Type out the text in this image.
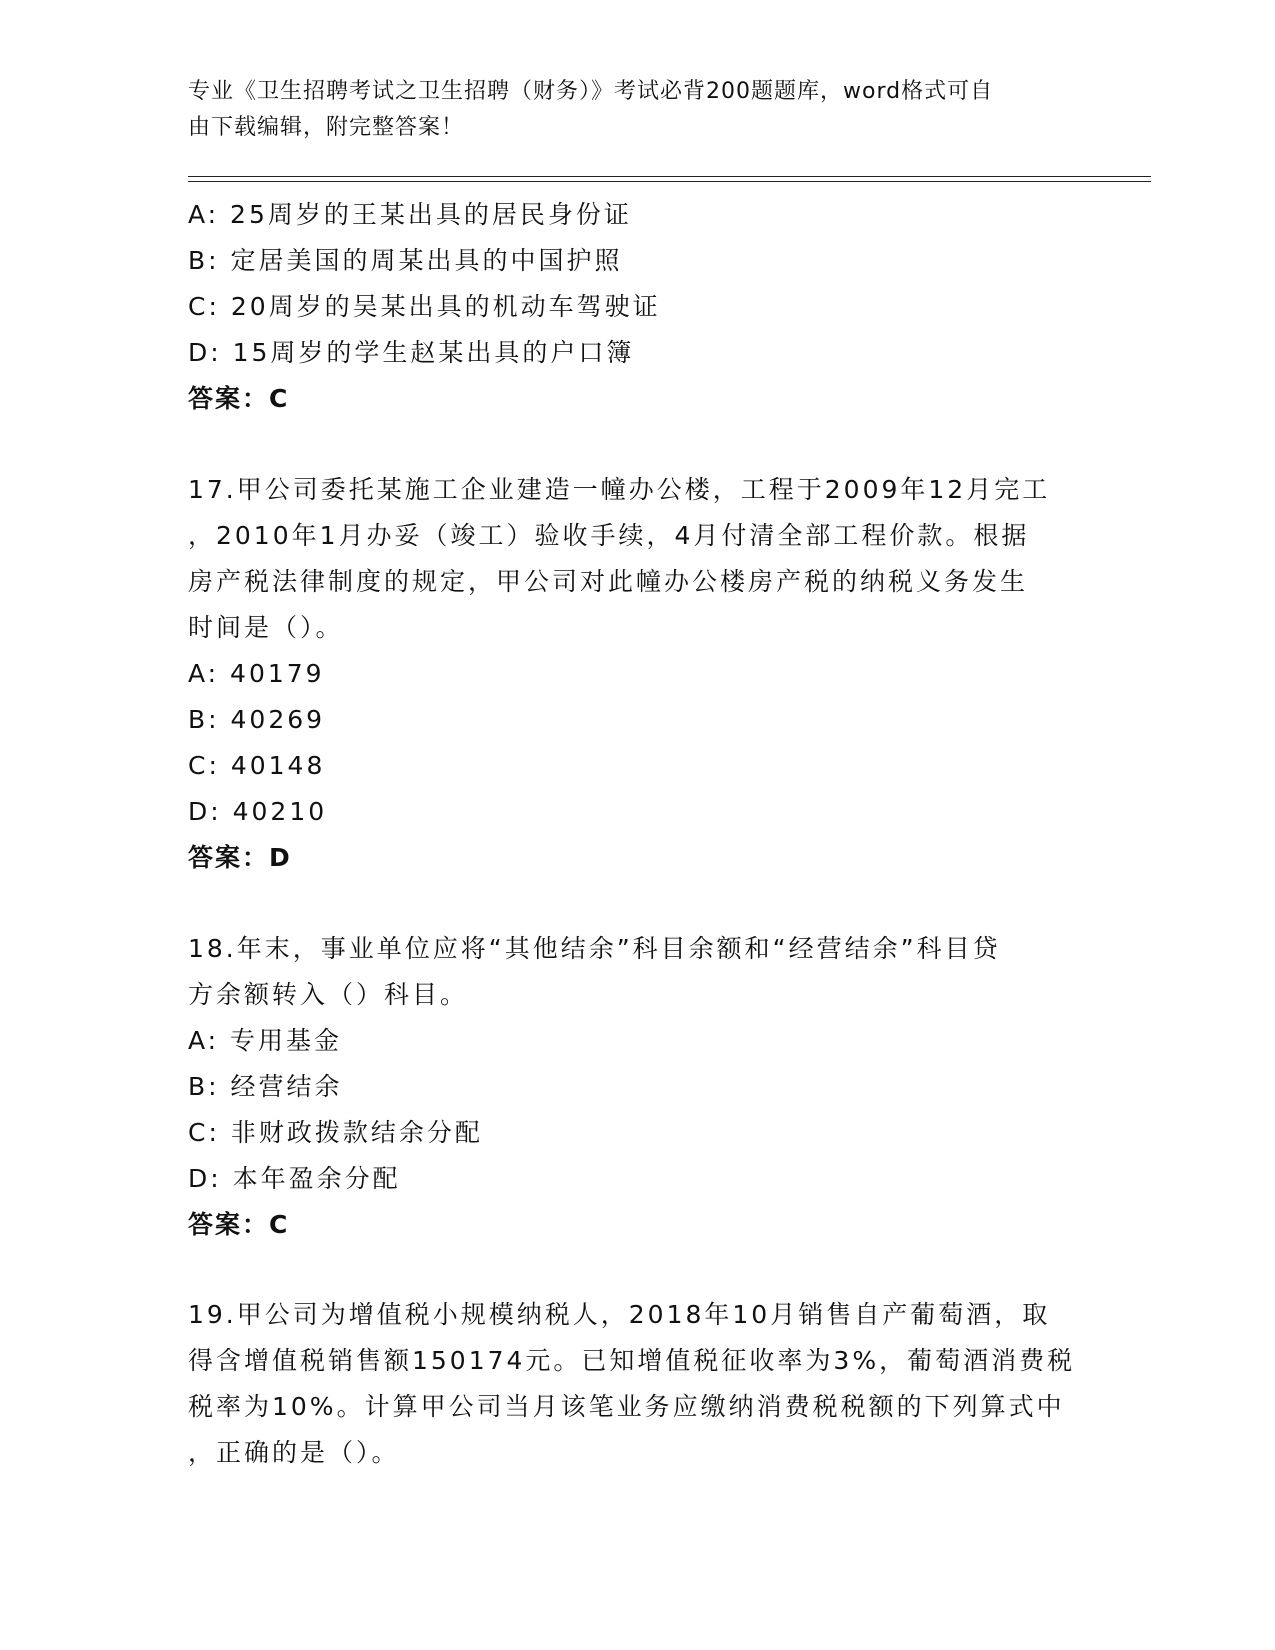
专业《卫生招聘考试之卫生招聘（财务）》考试必背200题题库，word格式可自
由下载编辑，附完整答案！
A: 25周岁的王某出具的居民身份证
B: 定居美国的周某出具的中国护照
C: 20周岁的吴某出具的机动车驾驶证
D: 15周岁的学生赵某出具的户口簿
答案：C
17.甲公司委托某施工企业建造一幢办公楼，工程于2009年12月完工
，2010年1月办妥（竣工）验收手续，4月付清全部工程价款。根据
房产税法律制度的规定，甲公司对此幢办公楼房产税的纳税义务发生
时间是（）。
A: 40179
B: 40269
C: 40148
D: 40210
答案：D
18.年末，事业单位应将“其他结余”科目余额和“经营结余”科目贷
方余额转入（）科目。
A: 专用基金
B: 经营结余
C: 非财政拨款结余分配
D: 本年盈余分配
答案：C
19.甲公司为增值税小规模纳税人，2018年10月销售自产葡萄酒，取
得含增值税销售额150174元。已知增值税征收率为3%，葡萄酒消费税
税率为10%。计算甲公司当月该笔业务应缴纳消费税税额的下列算式中
，正确的是（）。
